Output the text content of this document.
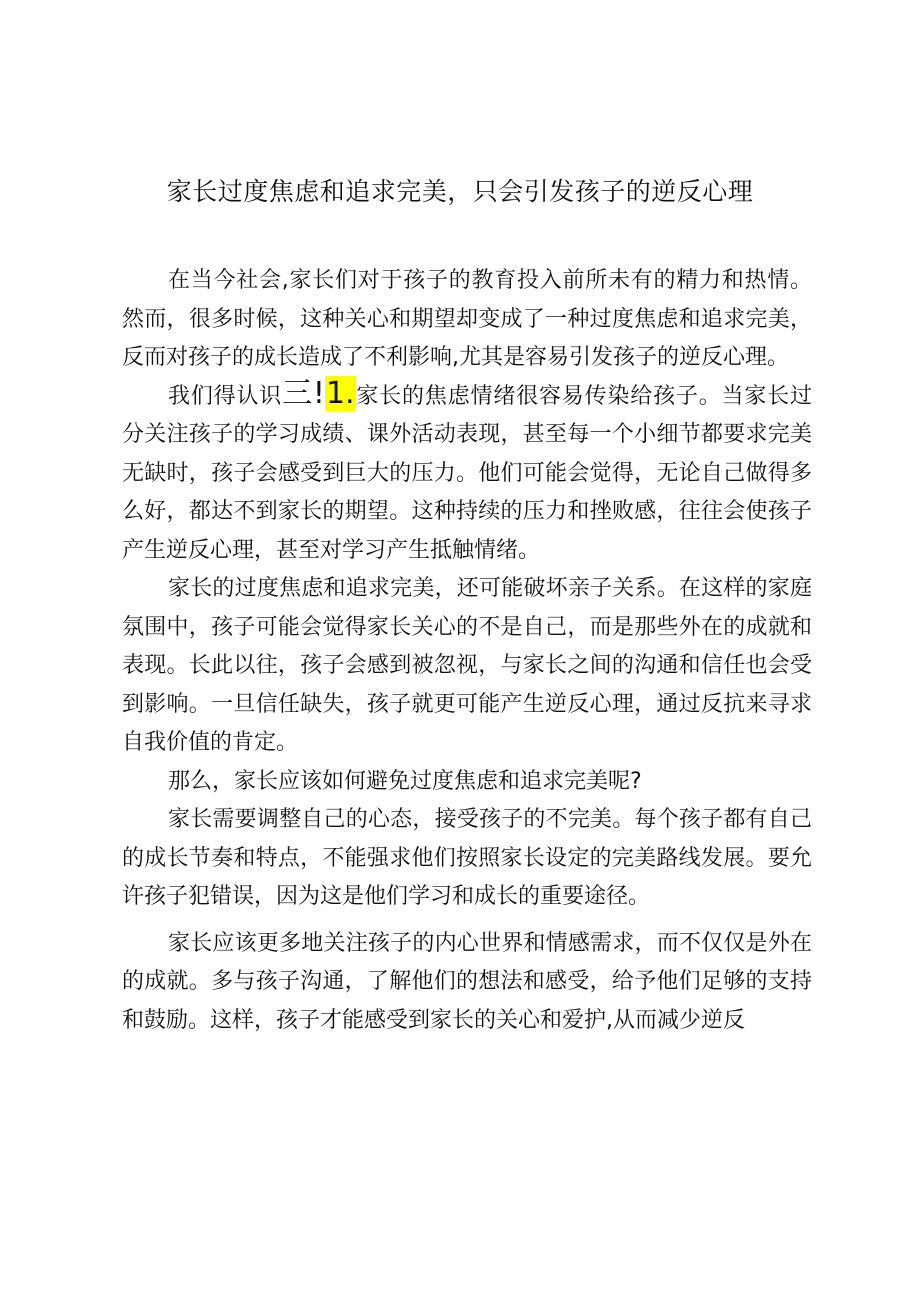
家长过度焦虑和追求完美，只会引发孩子的逆反心理

在当今社会,家长们对于孩子的教育投入前所未有的精力和热情。然而，很多时候，这种关心和期望却变成了一种过度焦虑和追求完美，反而对孩子的成长造成了不利影响,尤其是容易引发孩子的逆反心理。

我们得认识三!1.家长的焦虑情绪很容易传染给孩子。当家长过分关注孩子的学习成绩、课外活动表现，甚至每一个小细节都要求完美无缺时，孩子会感受到巨大的压力。他们可能会觉得，无论自己做得多么好，都达不到家长的期望。这种持续的压力和挫败感，往往会使孩子产生逆反心理，甚至对学习产生抵触情绪。

家长的过度焦虑和追求完美，还可能破坏亲子关系。在这样的家庭氛围中，孩子可能会觉得家长关心的不是自己，而是那些外在的成就和表现。长此以往，孩子会感到被忽视，与家长之间的沟通和信任也会受到影响。一旦信任缺失，孩子就更可能产生逆反心理，通过反抗来寻求自我价值的肯定。

那么，家长应该如何避免过度焦虑和追求完美呢?

家长需要调整自己的心态，接受孩子的不完美。每个孩子都有自己的成长节奏和特点，不能强求他们按照家长设定的完美路线发展。要允许孩子犯错误，因为这是他们学习和成长的重要途径。

家长应该更多地关注孩子的内心世界和情感需求，而不仅仅是外在的成就。多与孩子沟通，了解他们的想法和感受，给予他们足够的支持和鼓励。这样，孩子才能感受到家长的关心和爱护,从而减少逆反
